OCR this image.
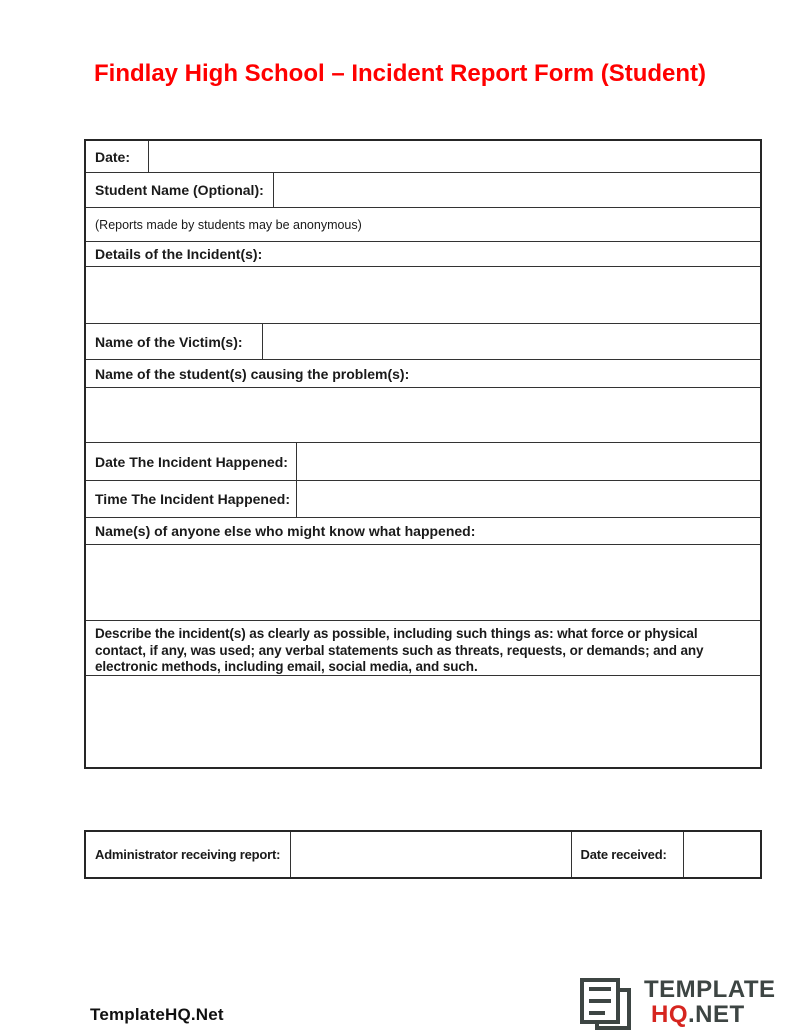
Findlay High School – Incident Report Form (Student)
Date:
Student Name (Optional):
(Reports made by students may be anonymous)
Details of the Incident(s):
Name of the Victim(s):
Name of the student(s) causing the problem(s):
Date The Incident Happened:
Time The Incident Happened:
Name(s) of anyone else who might know what happened:
Describe the incident(s) as clearly as possible, including such things as: what force or physical contact, if any, was used; any verbal statements such as threats, requests, or demands; and any electronic methods, including email, social media, and such.
Administrator receiving report:	Date received:
TemplateHQ.Net
TEMPLATE
HQ.NET
